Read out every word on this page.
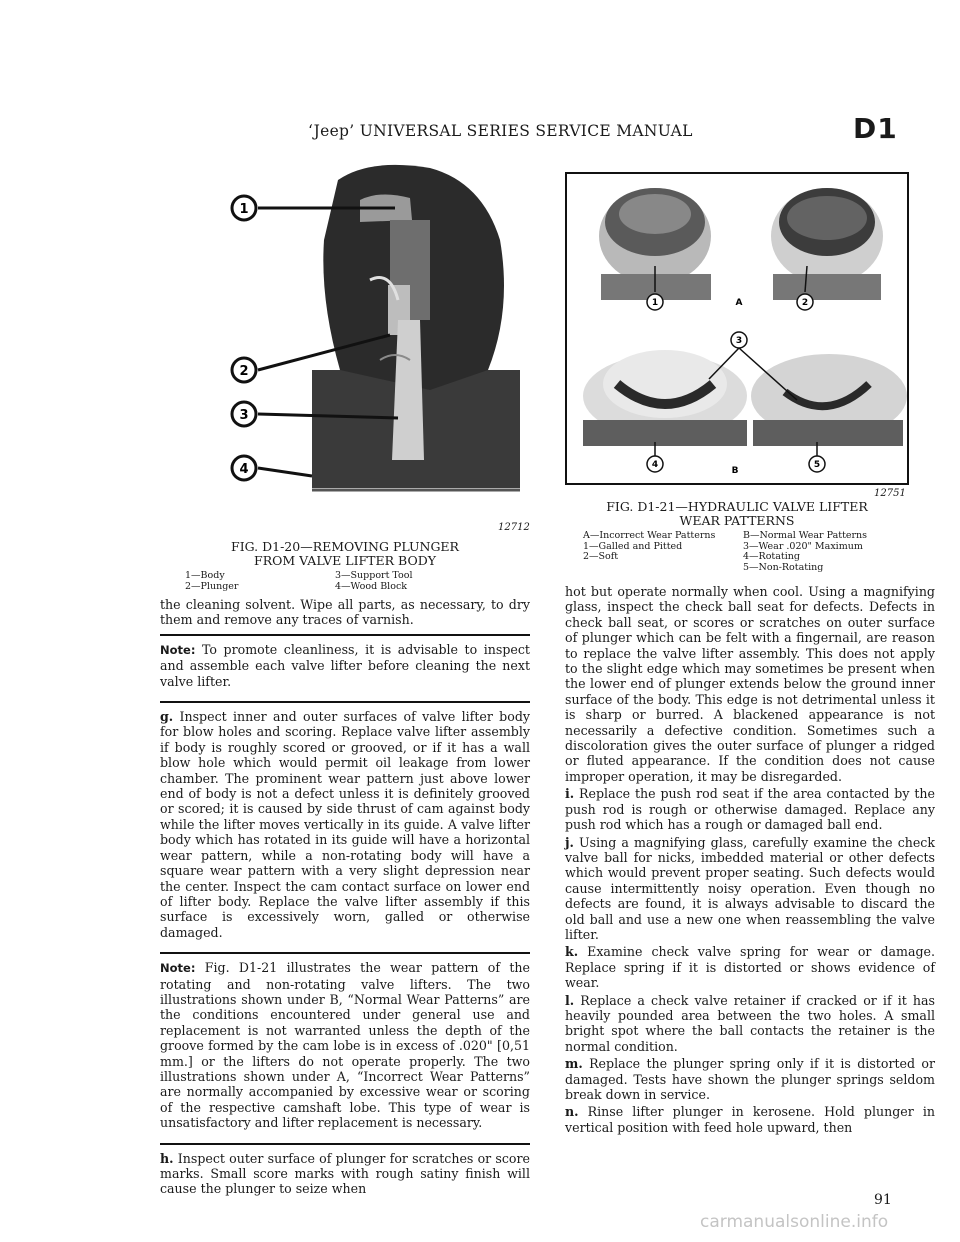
‘Jeep’ UNIVERSAL SERIES SERVICE MANUAL	D1
1
2
3
4
12712
FIG. D1-20—REMOVING PLUNGER
FROM VALVE LIFTER BODY
1—Body	3—Support Tool
2—Plunger	4—Wood Block
1	2
3
4	5
A
B
12751
FIG. D1-21—HYDRAULIC VALVE LIFTER
WEAR PATTERNS
A—Incorrect Wear Patterns	B—Normal Wear Patterns
1—Galled and Pitted	3—Wear .020" Maximum
2—Soft	4—Rotating
5—Non-Rotating

the cleaning solvent. Wipe all parts, as necessary, to dry them and remove any traces of varnish.

Note: To promote cleanliness, it is advisable to inspect and assemble each valve lifter before cleaning the next valve lifter.
g. Inspect inner and outer surfaces of valve lifter body for blow holes and scoring. Replace valve lifter assembly if body is roughly scored or grooved, or if it has a wall blow hole which would permit oil leakage from lower chamber. The prominent wear pattern just above lower end of body is not a defect unless it is definitely grooved or scored; it is caused by side thrust of cam against body while the lifter moves vertically in its guide. A valve lifter body which has rotated in its guide will have a horizontal wear pattern, while a non-rotating body will have a square wear pattern with a very slight depression near the center. Inspect the cam contact surface on lower end of lifter body. Replace the valve lifter assembly if this surface is excessively worn, galled or otherwise damaged.
Note: Fig. D1-21 illustrates the wear pattern of the rotating and non-rotating valve lifters. The two illustrations shown under B, “Normal Wear Patterns” are the conditions encountered under general use and replacement is not warranted unless the depth of the groove formed by the cam lobe is in excess of .020" [0,51 mm.] or the lifters do not operate properly. The two illustrations shown under A, “Incorrect Wear Patterns” are normally accompanied by excessive wear or scoring of the respective camshaft lobe. This type of wear is unsatisfactory and lifter replacement is necessary.
h. Inspect outer surface of plunger for scratches or score marks. Small score marks with rough satiny finish will cause the plunger to seize when

hot but operate normally when cool. Using a magnifying glass, inspect the check ball seat for defects. Defects in check ball seat, or scores or scratches on outer surface of plunger which can be felt with a fingernail, are reason to replace the valve lifter assembly. This does not apply to the slight edge which may sometimes be present when the lower end of plunger extends below the ground inner surface of the body. This edge is not detrimental unless it is sharp or burred. A blackened appearance is not necessarily a defective condition. Sometimes such a discoloration gives the outer surface of plunger a ridged or fluted appearance. If the condition does not cause improper operation, it may be disregarded.

i. Replace the push rod seat if the area contacted by the push rod is rough or otherwise damaged. Replace any push rod which has a rough or damaged ball end.

j. Using a magnifying glass, carefully examine the check valve ball for nicks, imbedded material or other defects which would prevent proper seating. Such defects would cause intermittently noisy operation. Even though no defects are found, it is always advisable to discard the old ball and use a new one when reassembling the valve lifter.

k. Examine check valve spring for wear or damage. Replace spring if it is distorted or shows evidence of wear.

l. Replace a check valve retainer if cracked or if it has heavily pounded area between the two holes. A small bright spot where the ball contacts the retainer is the normal condition.

m. Replace the plunger spring only if it is distorted or damaged. Tests have shown the plunger springs seldom break down in service.

n. Rinse lifter plunger in kerosene. Hold plunger in vertical position with feed hole upward, then

91
carmanualsonline.info
